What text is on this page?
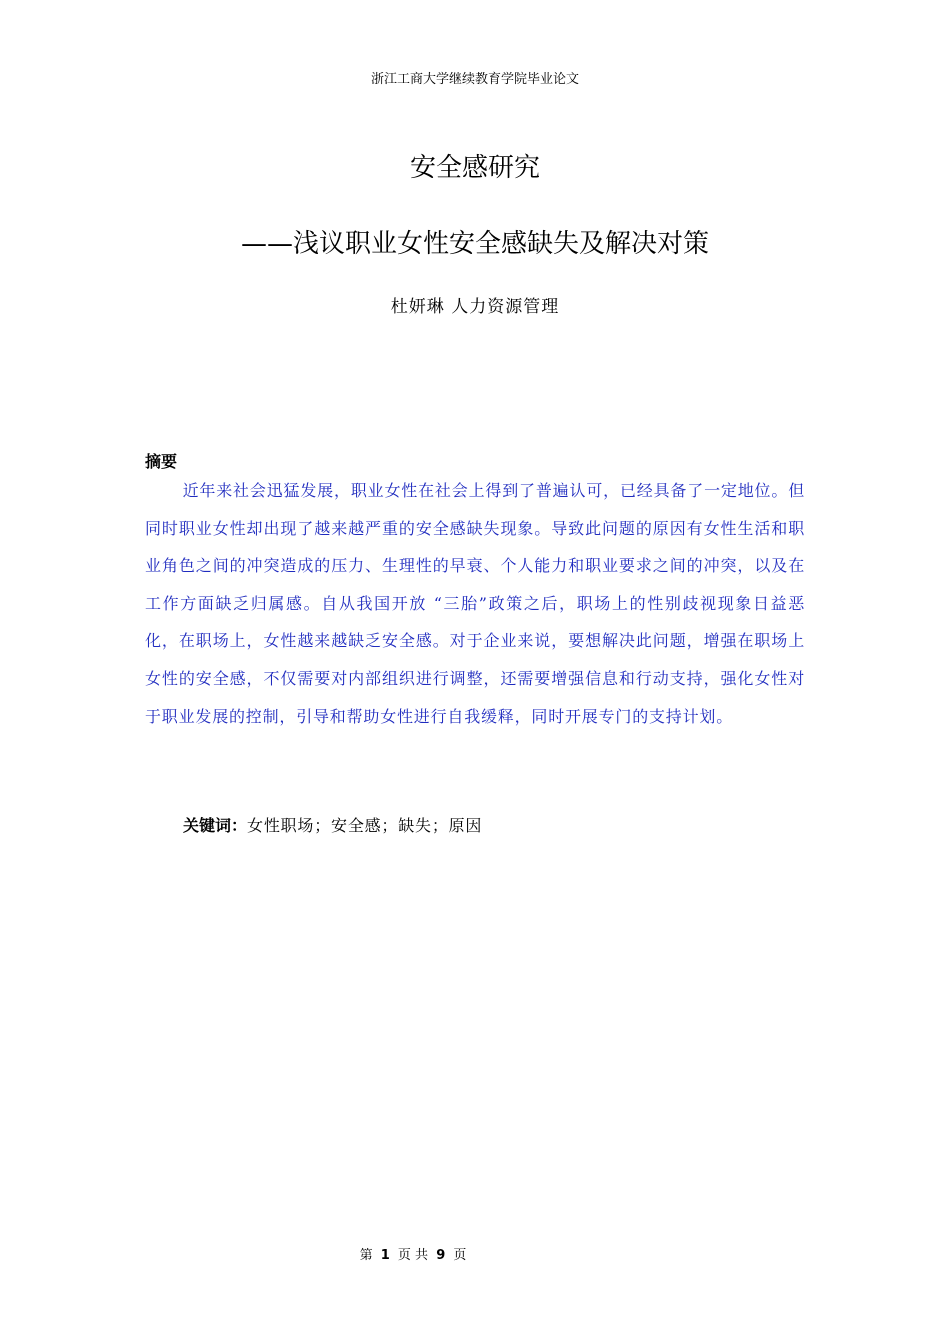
浙江工商大学继续教育学院毕业论文
安全感研究
——浅议职业女性安全感缺失及解决对策
杜妍琳 人力资源管理
摘要
近年来社会迅猛发展，职业女性在社会上得到了普遍认可，已经具备了一定地位。但同时职业女性却出现了越来越严重的安全感缺失现象。导致此问题的原因有女性生活和职业角色之间的冲突造成的压力、生理性的早衰、个人能力和职业要求之间的冲突，以及在工作方面缺乏归属感。自从我国开放 “三胎”政策之后，职场上的性别歧视现象日益恶化，在职场上，女性越来越缺乏安全感。对于企业来说，要想解决此问题，增强在职场上女性的安全感，不仅需要对内部组织进行调整，还需要增强信息和行动支持，强化女性对于职业发展的控制，引导和帮助女性进行自我缓释，同时开展专门的支持计划。
关键词：女性职场；安全感；缺失；原因
第 1 页 共 9 页
